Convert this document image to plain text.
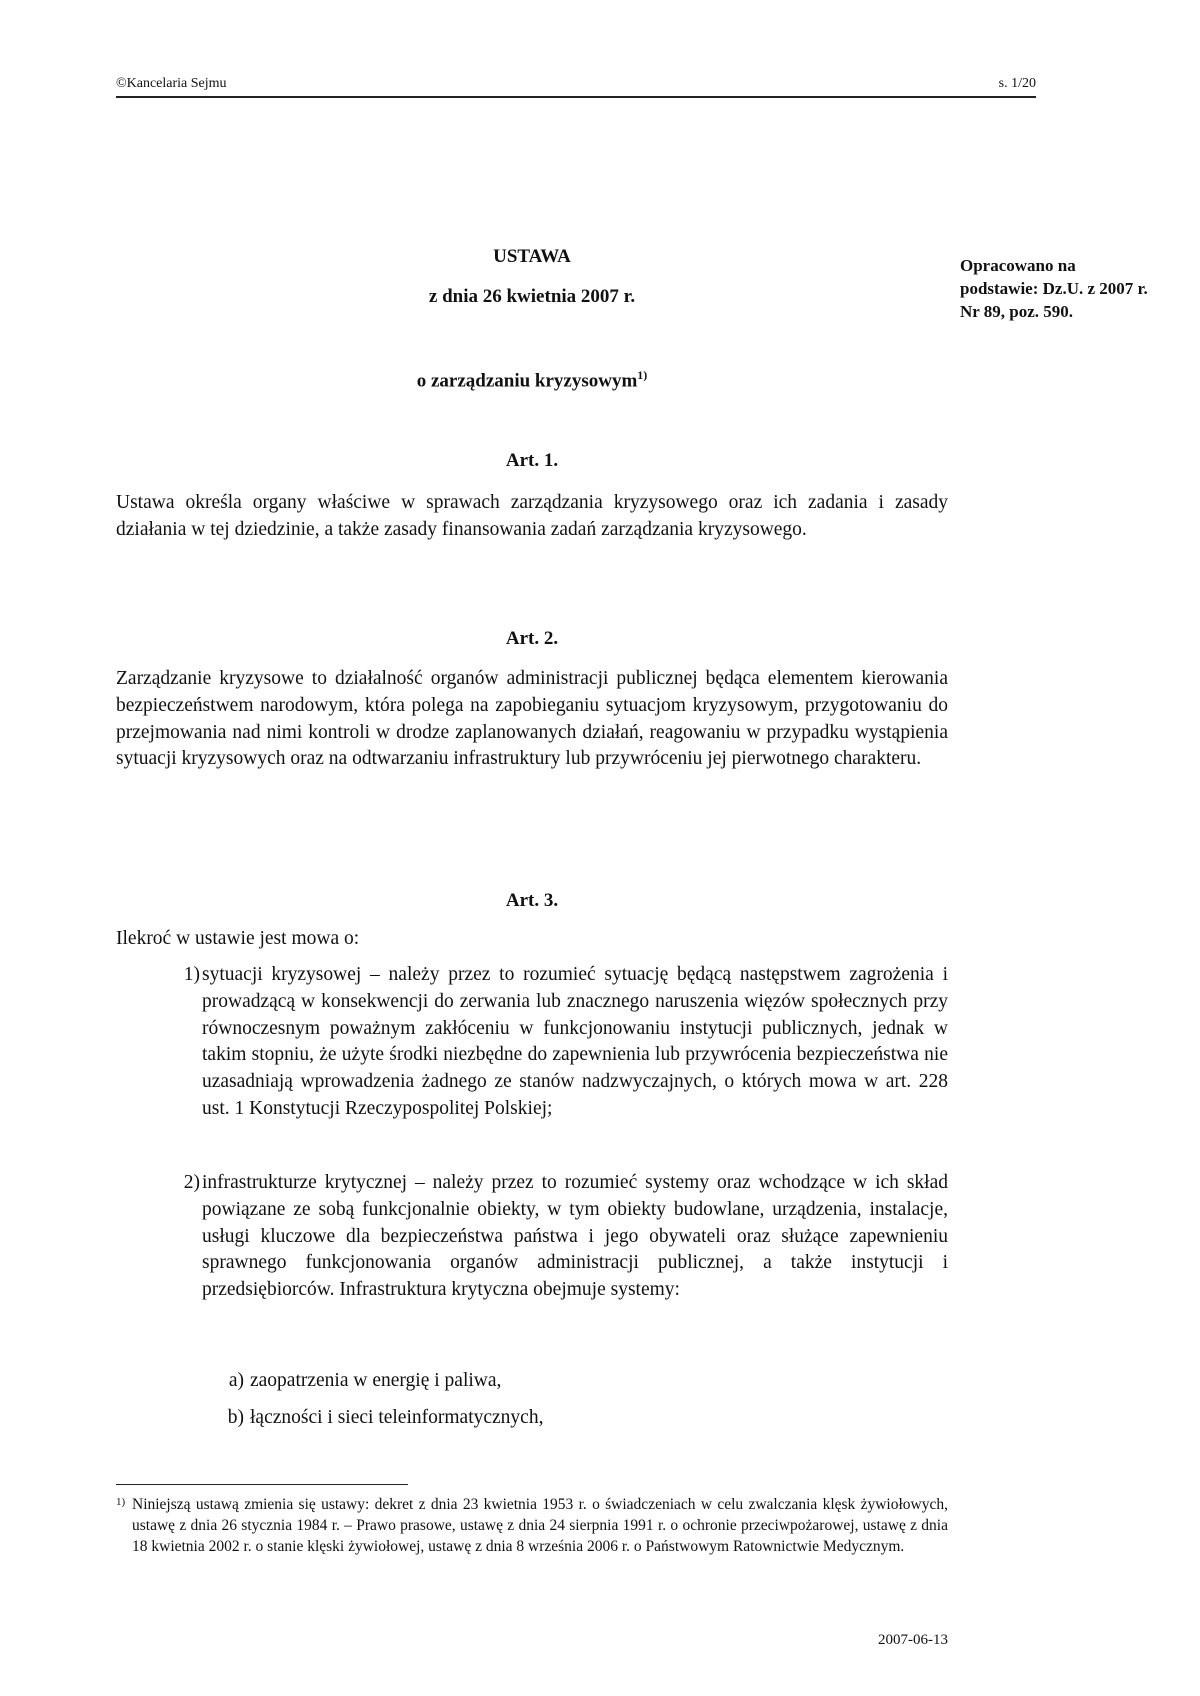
©Kancelaria Sejmu	s. 1/20
Opracowano na podstawie: Dz.U. z 2007 r. Nr 89, poz. 590.
USTAWA
z dnia 26 kwietnia 2007 r.
o zarządzaniu kryzysowym$^{1)}$
Art. 1.

Ustawa określa organy właściwe w sprawach zarządzania kryzysowego oraz ich zadania i zasady działania w tej dziedzinie, a także zasady finansowania zadań zarządzania kryzysowego.

Art. 2.

Zarządzanie kryzysowe to działalność organów administracji publicznej będąca elementem kierowania bezpieczeństwem narodowym, która polega na zapobieganiu sytuacjom kryzysowym, przygotowaniu do przejmowania nad nimi kontroli w drodze zaplanowanych działań, reagowaniu w przypadku wystąpienia sytuacji kryzysowych oraz na odtwarzaniu infrastruktury lub przywróceniu jej pierwotnego charakteru.

Art. 3.

Ilekroć w ustawie jest mowa o:

1) sytuacji kryzysowej – należy przez to rozumieć sytuację będącą następstwem zagrożenia i prowadzącą w konsekwencji do zerwania lub znacznego naruszenia więzów społecznych przy równoczesnym poważnym zakłóceniu w funkcjonowaniu instytucji publicznych, jednak w takim stopniu, że użyte środki niezbędne do zapewnienia lub przywrócenia bezpieczeństwa nie uzasadniają wprowadzenia żadnego ze stanów nadzwyczajnych, o których mowa w art. 228 ust. 1 Konstytucji Rzeczypospolitej Polskiej;
2) infrastrukturze krytycznej – należy przez to rozumieć systemy oraz wchodzące w ich skład powiązane ze sobą funkcjonalnie obiekty, w tym obiekty budowlane, urządzenia, instalacje, usługi kluczowe dla bezpieczeństwa państwa i jego obywateli oraz służące zapewnieniu sprawnego funkcjonowania organów administracji publicznej, a także instytucji i przedsiębiorców. Infrastruktura krytyczna obejmuje systemy:
a) zaopatrzenia w energię i paliwa,
b) łączności i sieci teleinformatycznych,
1) Niniejszą ustawą zmienia się ustawy: dekret z dnia 23 kwietnia 1953 r. o świadczeniach w celu zwalczania klęsk żywiołowych, ustawę z dnia 26 stycznia 1984 r. – Prawo prasowe, ustawę z dnia 24 sierpnia 1991 r. o ochronie przeciwpożarowej, ustawę z dnia 18 kwietnia 2002 r. o stanie klęski żywiołowej, ustawę z dnia 8 września 2006 r. o Państwowym Ratownictwie Medycznym.
2007-06-13
